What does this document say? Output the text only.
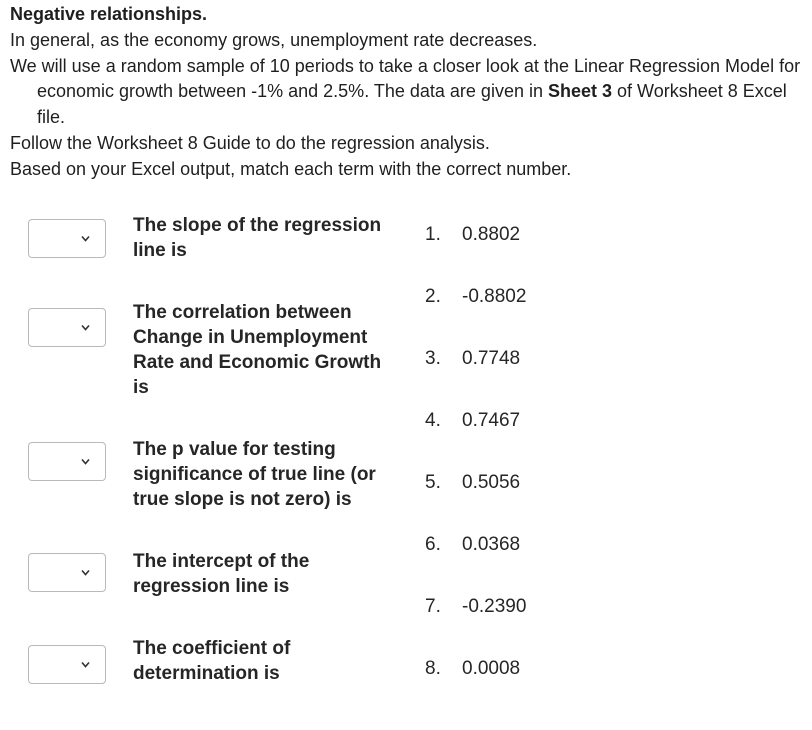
Negative relationships.

In general, as the economy grows, unemployment rate decreases.

We will use a random sample of 10 periods to take a closer look at the Linear Regression Model for economic growth between -1% and 2.5%. The data are given in Sheet 3 of Worksheet 8 Excel file.

Follow the Worksheet 8 Guide to do the regression analysis.

Based on your Excel output, match each term with the correct number.

The slope of the regression line is
The correlation between Change in Unemployment Rate and Economic Growth is
The p value for testing significance of true line (or true slope is not zero) is
The intercept of the regression line is
The coefficient of determination is
1. 0.8802
2. -0.8802
3. 0.7748
4. 0.7467
5. 0.5056
6. 0.0368
7. -0.2390
8. 0.0008
